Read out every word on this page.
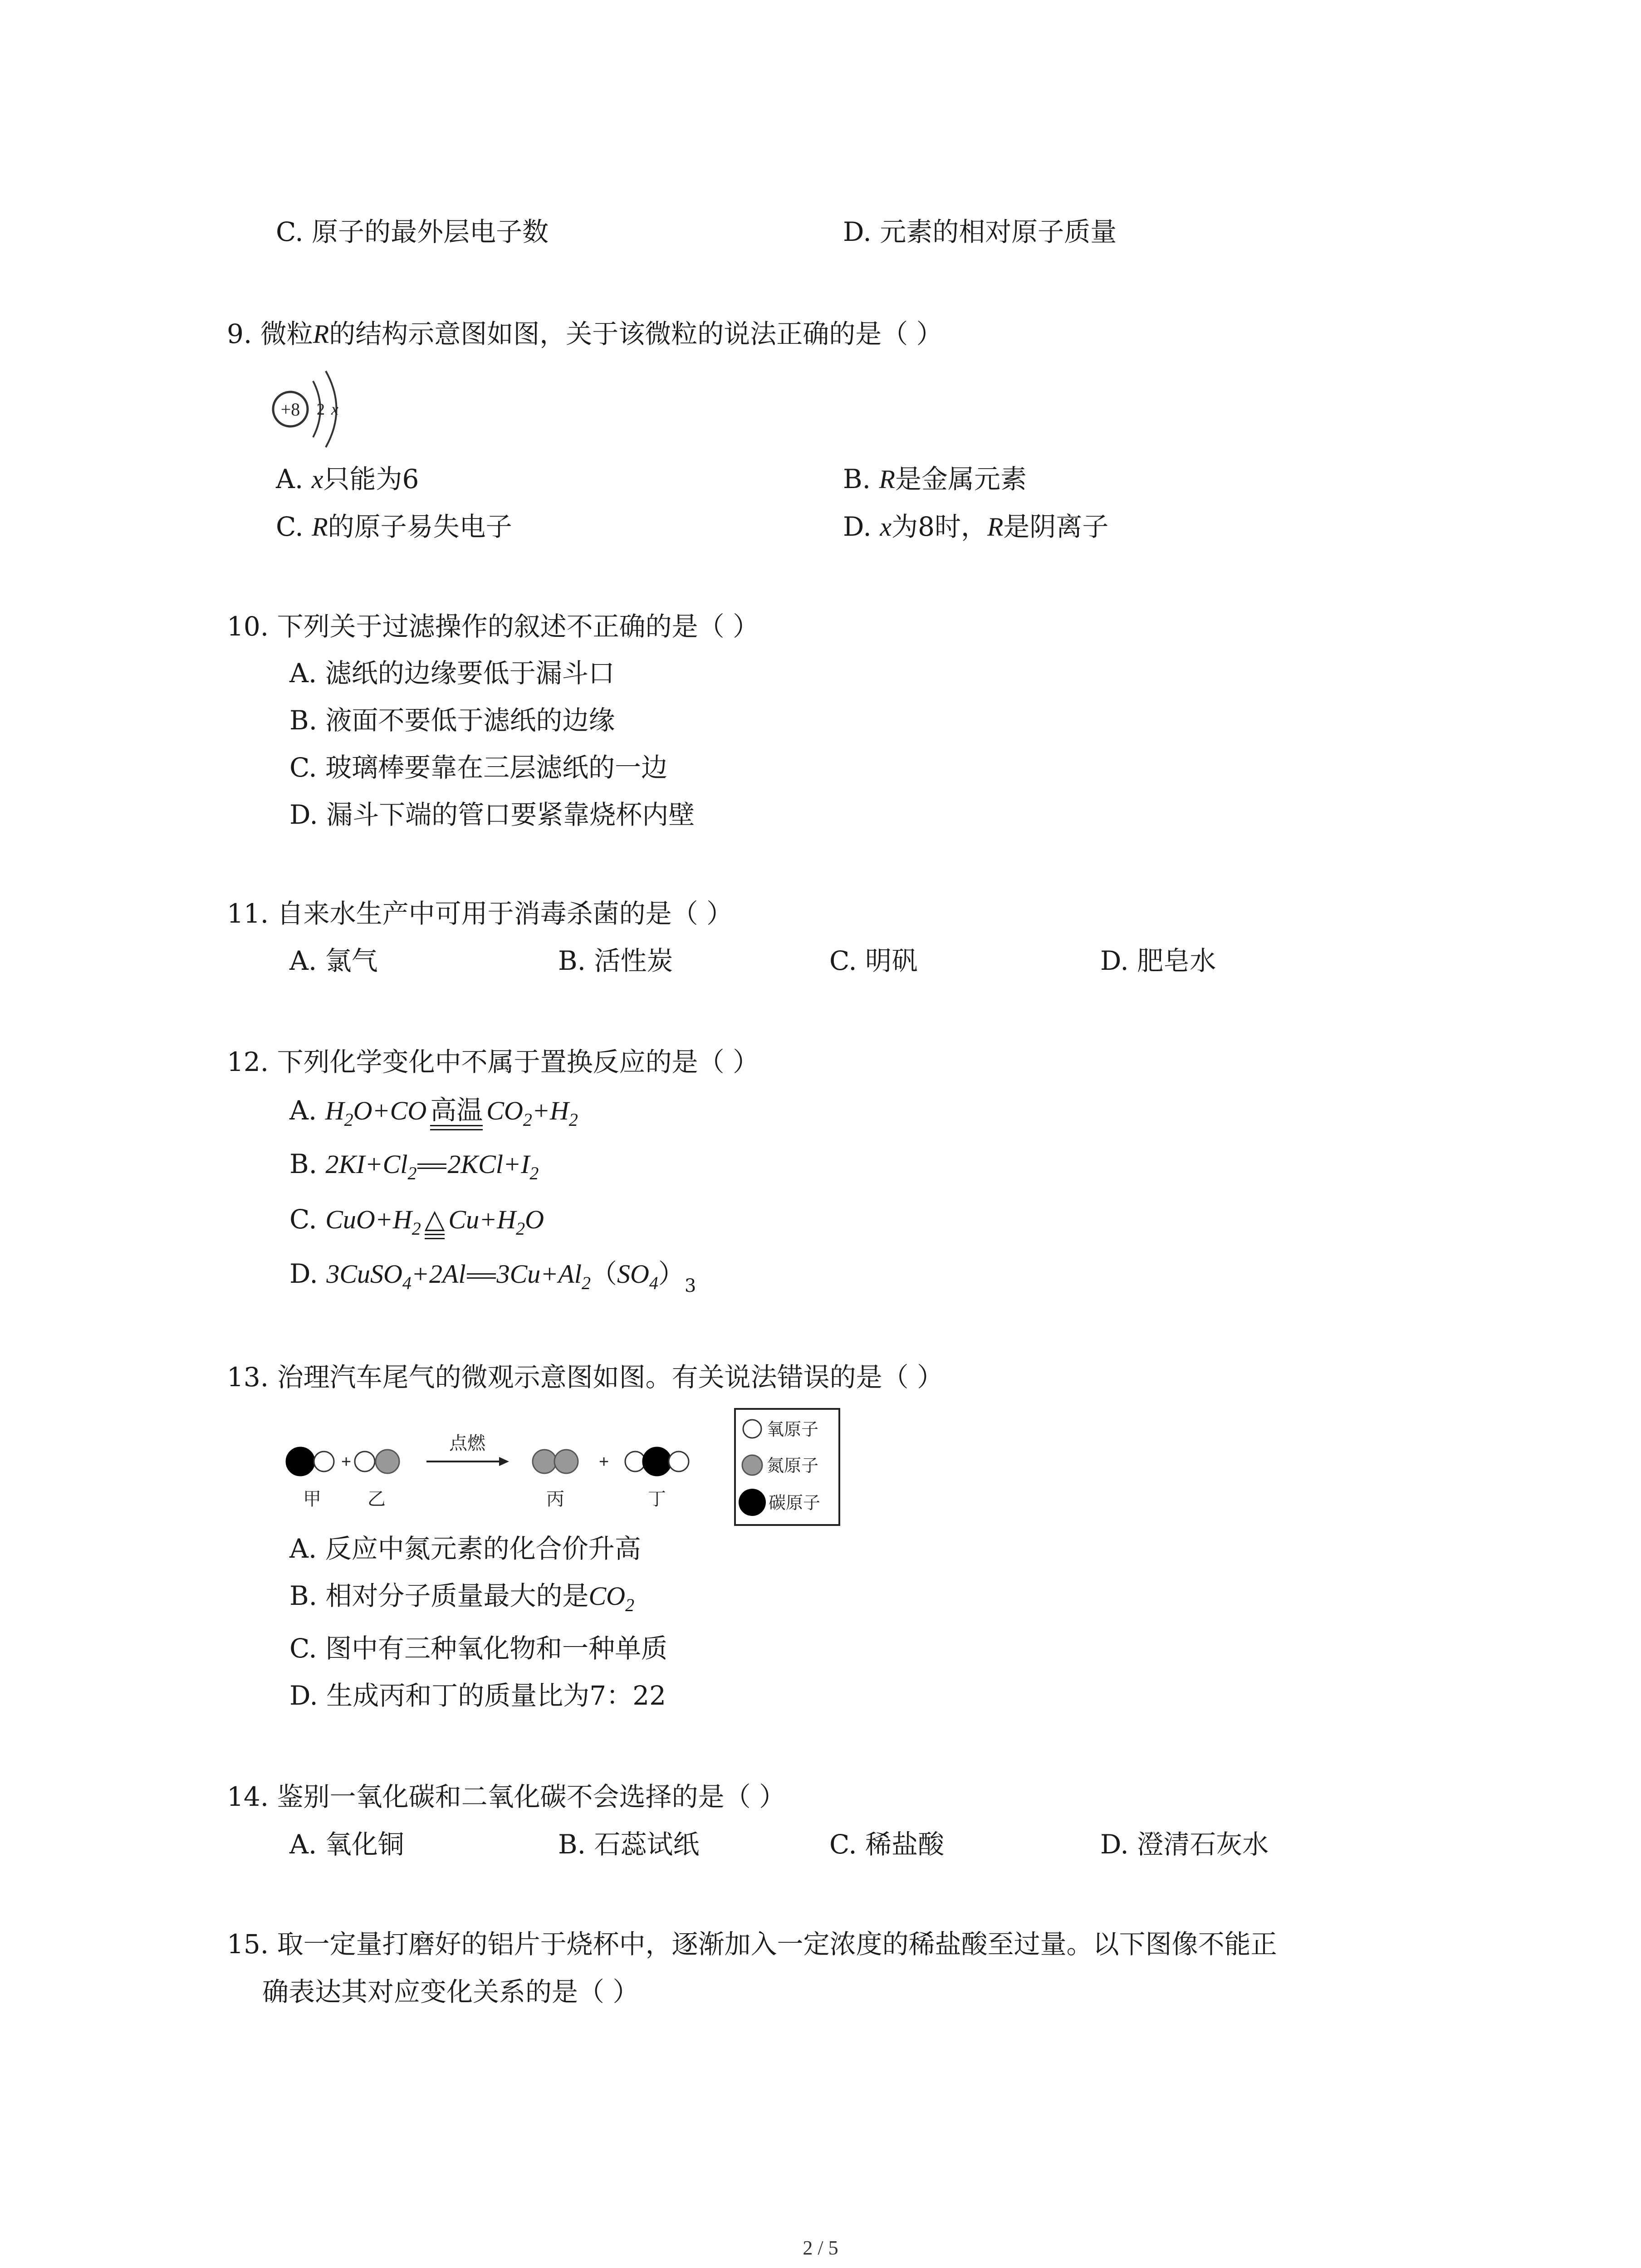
C. 原子的最外层电子数	D. 元素的相对原子质量
9. 微粒R的结构示意图如图，关于该微粒的说法正确的是（ ）
+8 2 x
A. x只能为6	B. R是金属元素
C. R的原子易失电子	D. x为8时，R是阴离子
10. 下列关于过滤操作的叙述不正确的是（ ）
A. 滤纸的边缘要低于漏斗口
B. 液面不要低于滤纸的边缘
C. 玻璃棒要靠在三层滤纸的一边
D. 漏斗下端的管口要紧靠烧杯内壁
11. 自来水生产中可用于消毒杀菌的是（ ）
A. 氯气	B. 活性炭	C. 明矾	D. 肥皂水
12. 下列化学变化中不属于置换反应的是（ ）
A. $H_2O+CO$ 高温 $CO_2+H_2$
B. $2KI+Cl_2$ $2KCl+I_2$
C. $CuO+H_2$ △ $Cu+H_2O$
D. 3CuSO$_4$+2Al $3Cu+Al_2(SO_4)_3$
13. 治理汽车尾气的微观示意图如图。有关说法错误的是（ ）
+
点燃
+
甲	乙	丙	丁
氧原子
氮原子
碳原子
A. 反应中氮元素的化合价升高
B. 相对分子质量最大的是$CO_2$
C. 图中有三种氧化物和一种单质
D. 生成丙和丁的质量比为7：22
14. 鉴别一氧化碳和二氧化碳不会选择的是（ ）
A. 氧化铜	B. 石蕊试纸	C. 稀盐酸	D. 澄清石灰水
15. 取一定量打磨好的铝片于烧杯中，逐渐加入一定浓度的稀盐酸至过量。以下图像不能正
确表达其对应变化关系的是（ ）
2 / 5
